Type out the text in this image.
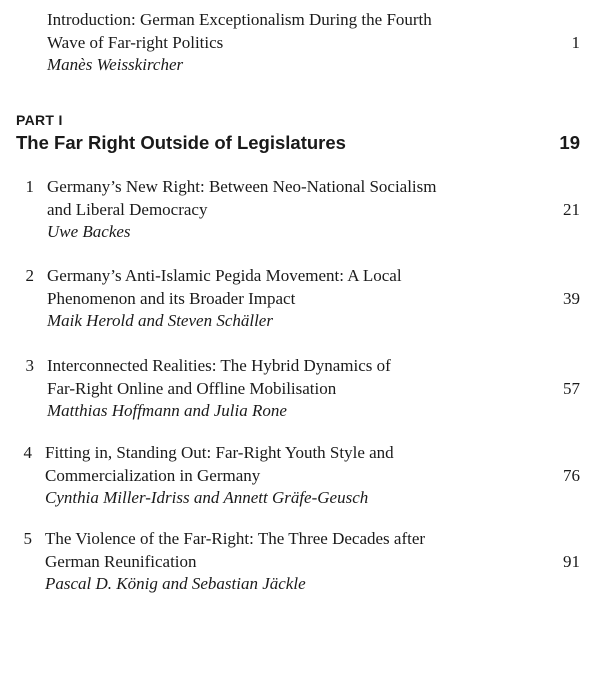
Introduction: German Exceptionalism During the Fourth
Wave of Far-right Politics	1
Manès Weisskircher
PART I
The Far Right Outside of Legislatures	19
1 Germany’s New Right: Between Neo-National Socialism
and Liberal Democracy	21
Uwe Backes
2 Germany’s Anti-Islamic Pegida Movement: A Local
Phenomenon and its Broader Impact	39
Maik Herold and Steven Schäller
3 Interconnected Realities: The Hybrid Dynamics of
Far-Right Online and Offline Mobilisation	57
Matthias Hoffmann and Julia Rone
4 Fitting in, Standing Out: Far-Right Youth Style and
Commercialization in Germany	76
Cynthia Miller-Idriss and Annett Gräfe-Geusch
5 The Violence of the Far-Right: The Three Decades after
German Reunification	91
Pascal D. König and Sebastian Jäckle
